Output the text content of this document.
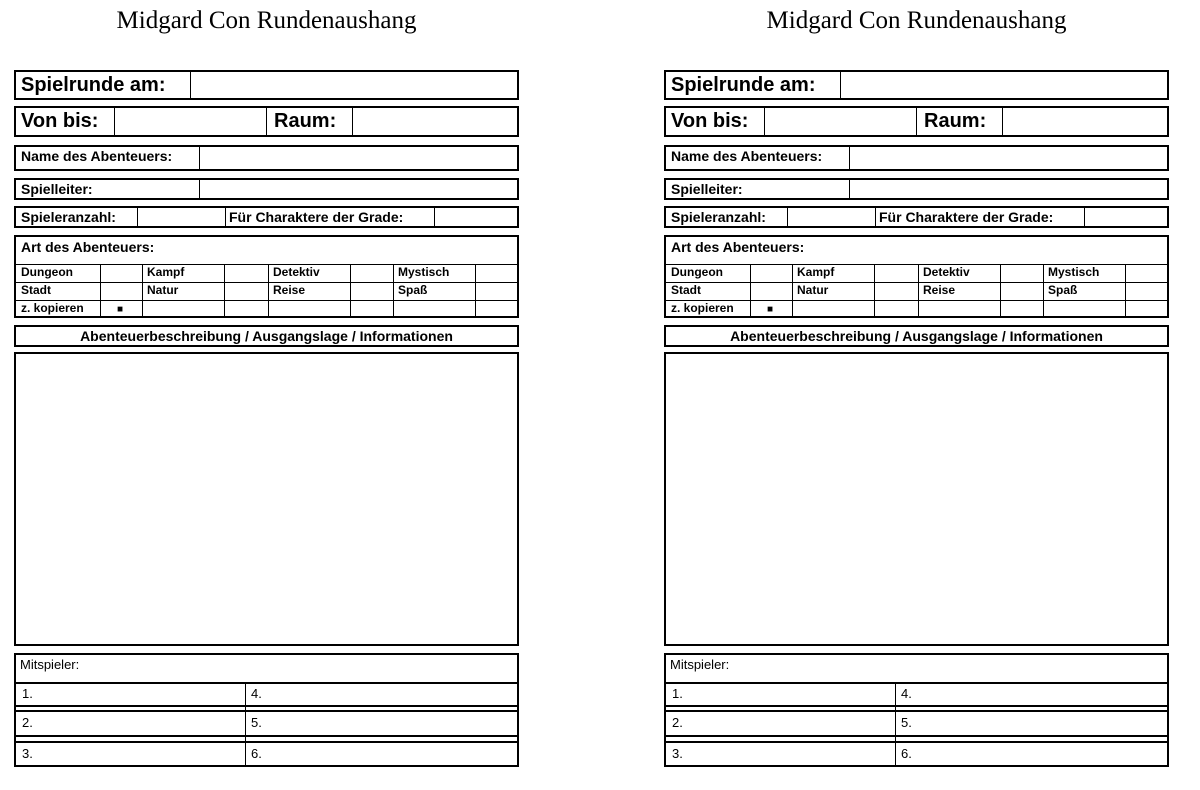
Midgard Con Rundenaushang
Spielrunde am:
Von bis:	Raum:
Name des Abenteuers:
Spielleiter:
Spieleranzahl:	Für Charaktere der Grade:
Art des Abenteuers:
Dungeon	Kampf	Detektiv	Mystisch
Stadt	Natur	Reise	Spaß
z. kopieren	■
Abenteuerbeschreibung / Ausgangslage / Informationen
Mitspieler:
1.	4.
2.	5.
3.	6.
Midgard Con Rundenaushang
Spielrunde am:
Von bis:	Raum:
Name des Abenteuers:
Spielleiter:
Spieleranzahl:	Für Charaktere der Grade:
Art des Abenteuers:
Dungeon	Kampf	Detektiv	Mystisch
Stadt	Natur	Reise	Spaß
z. kopieren	■
Abenteuerbeschreibung / Ausgangslage / Informationen
Mitspieler:
1.	4.
2.	5.
3.	6.
